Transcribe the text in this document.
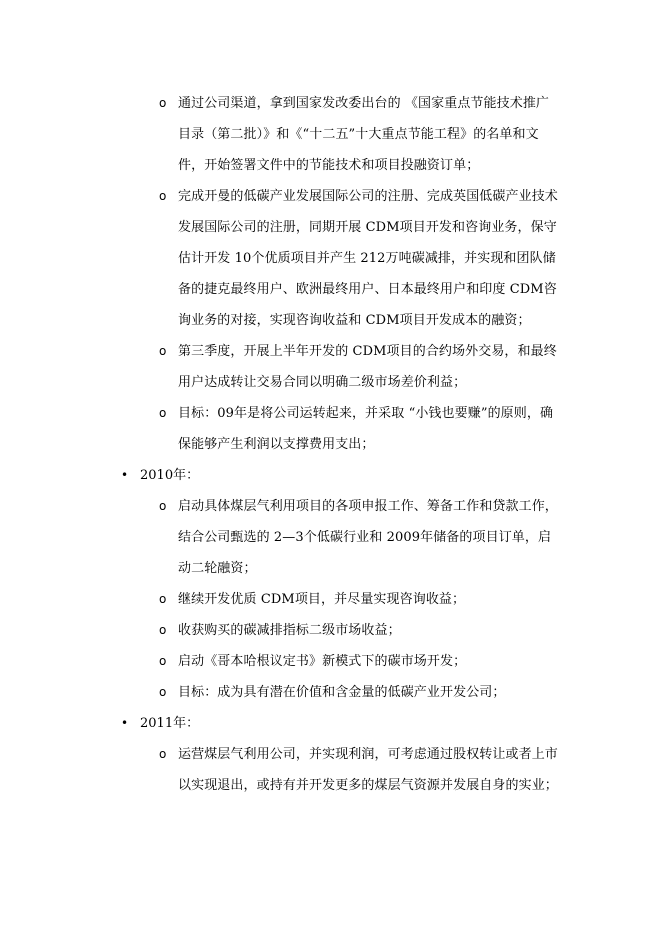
o 通过公司渠道，拿到国家发改委出台的 《国家重点节能技术推广目录（第二批）》和《“十二五”十大重点节能工程》的名单和文件，开始签署文件中的节能技术和项目投融资订单；
o 完成开曼的低碳产业发展国际公司的注册、完成英国低碳产业技术发展国际公司的注册，同期开展 CDM项目开发和咨询业务，保守估计开发 10个优质项目并产生 212万吨碳减排，并实现和团队储备的捷克最终用户、欧洲最终用户、日本最终用户和印度 CDM咨询业务的对接，实现咨询收益和 CDM项目开发成本的融资；
o 第三季度，开展上半年开发的 CDM项目的合约场外交易，和最终用户达成转让交易合同以明确二级市场差价利益；
o 目标：09年是将公司运转起来，并采取 “小钱也要赚”的原则，确保能够产生利润以支撑费用支出；
• 2010年：
o 启动具体煤层气利用项目的各项申报工作、筹备工作和贷款工作，结合公司甄选的 2—3个低碳行业和 2009年储备的项目订单，启动二轮融资；
o 继续开发优质 CDM项目，并尽量实现咨询收益；
o 收获购买的碳减排指标二级市场收益；
o 启动《哥本哈根议定书》新模式下的碳市场开发；
o 目标：成为具有潜在价值和含金量的低碳产业开发公司；
• 2011年：
o 运营煤层气利用公司，并实现利润，可考虑通过股权转让或者上市以实现退出，或持有并开发更多的煤层气资源并发展自身的实业；
